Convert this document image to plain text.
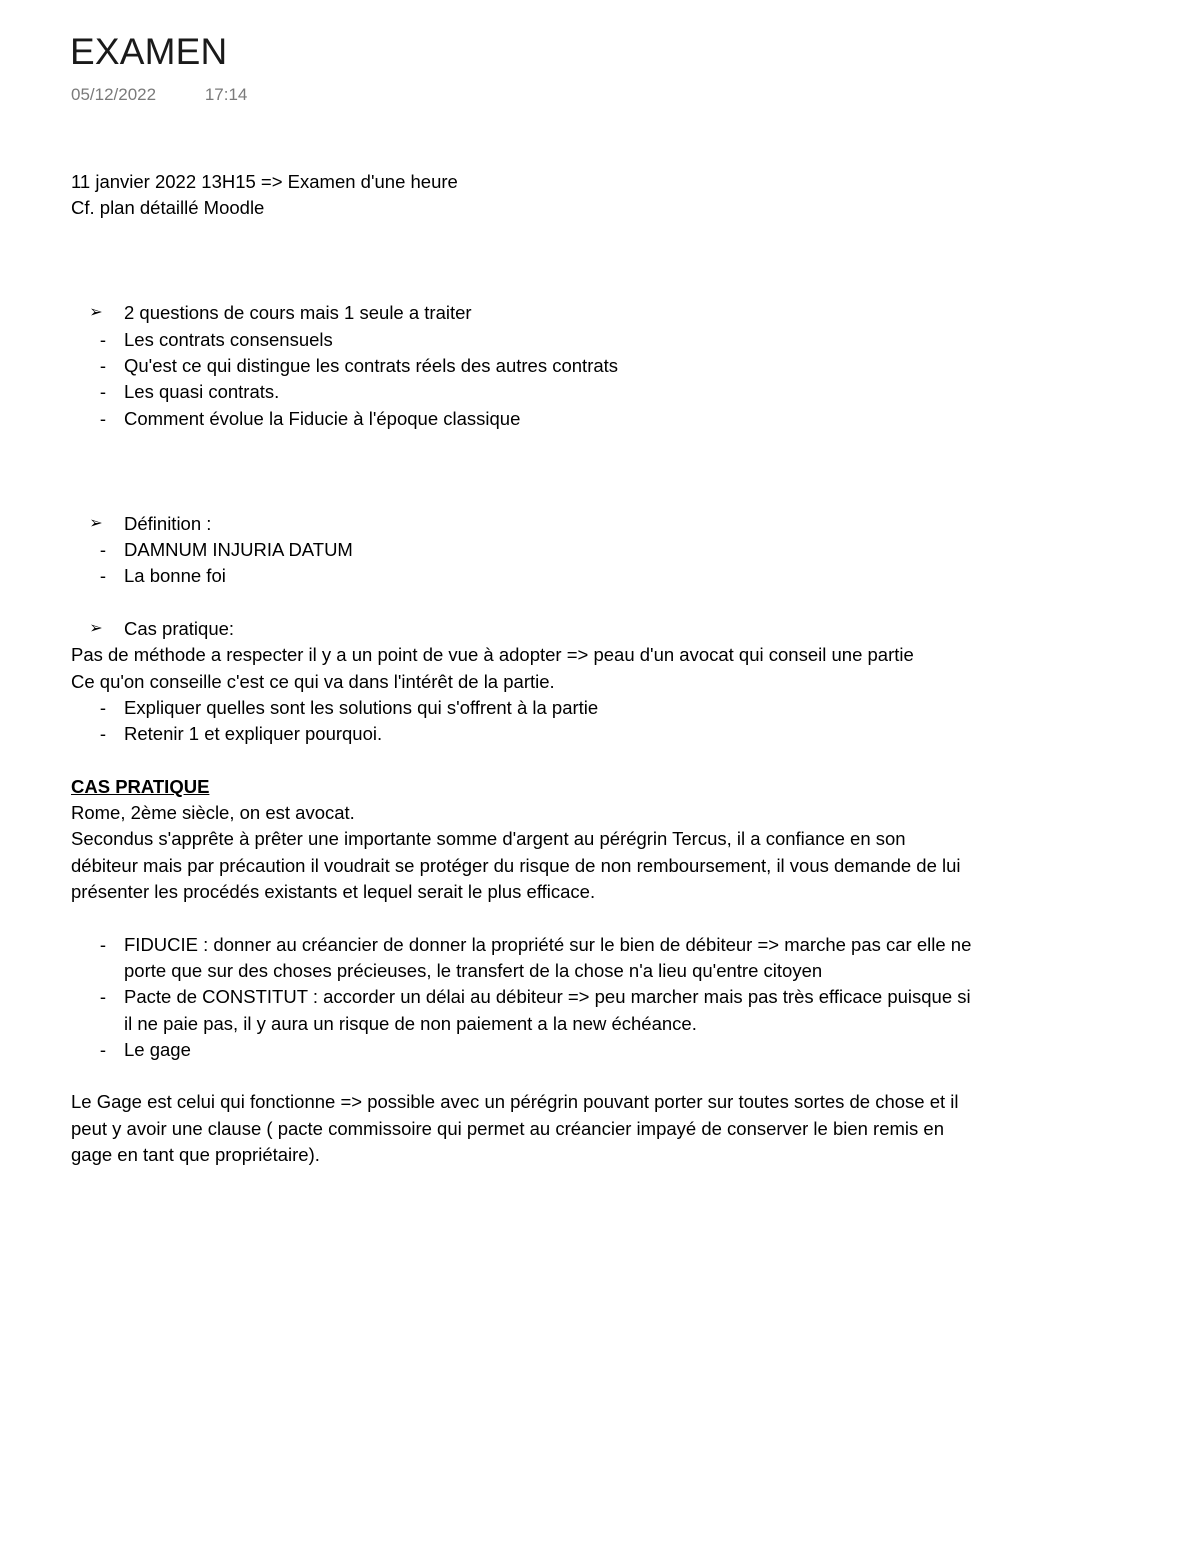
EXAMEN
05/12/2022	17:14

11 janvier 2022 13H15 => Examen d'une heure

Cf. plan détaillé Moodle

➢ 2 questions de cours mais 1 seule a traiter
- Les contrats consensuels
- Qu'est ce qui distingue les contrats réels des autres contrats
- Les quasi contrats.
- Comment évolue la Fiducie à l'époque classique
➢ Définition :
- DAMNUM INJURIA DATUM
- La bonne foi
➢ Cas pratique:

Pas de méthode a respecter il y a un point de vue à adopter => peau d'un avocat qui conseil une partie

Ce qu'on conseille c'est ce qui va dans l'intérêt de la partie.

- Expliquer quelles sont les solutions qui s'offrent à la partie
- Retenir 1 et expliquer pourquoi.

CAS PRATIQUE

Rome, 2ème siècle, on est avocat.

Secondus s'apprête à prêter une importante somme d'argent au pérégrin Tercus, il a confiance en son débiteur mais par précaution il voudrait se protéger du risque de non remboursement, il vous demande de lui présenter les procédés existants et lequel serait le plus efficace.

- FIDUCIE : donner au créancier de donner la propriété sur le bien de débiteur => marche pas car elle ne porte que sur des choses précieuses, le transfert de la chose n'a lieu qu'entre citoyen
- Pacte de CONSTITUT : accorder un délai au débiteur => peu marcher mais pas très efficace puisque si il ne paie pas, il y aura un risque de non paiement a la new échéance.
- Le gage

Le Gage est celui qui fonctionne => possible avec un pérégrin pouvant porter sur toutes sortes de chose et il peut y avoir une clause ( pacte commissoire qui permet au créancier impayé de conserver le bien remis en gage en tant que propriétaire).
